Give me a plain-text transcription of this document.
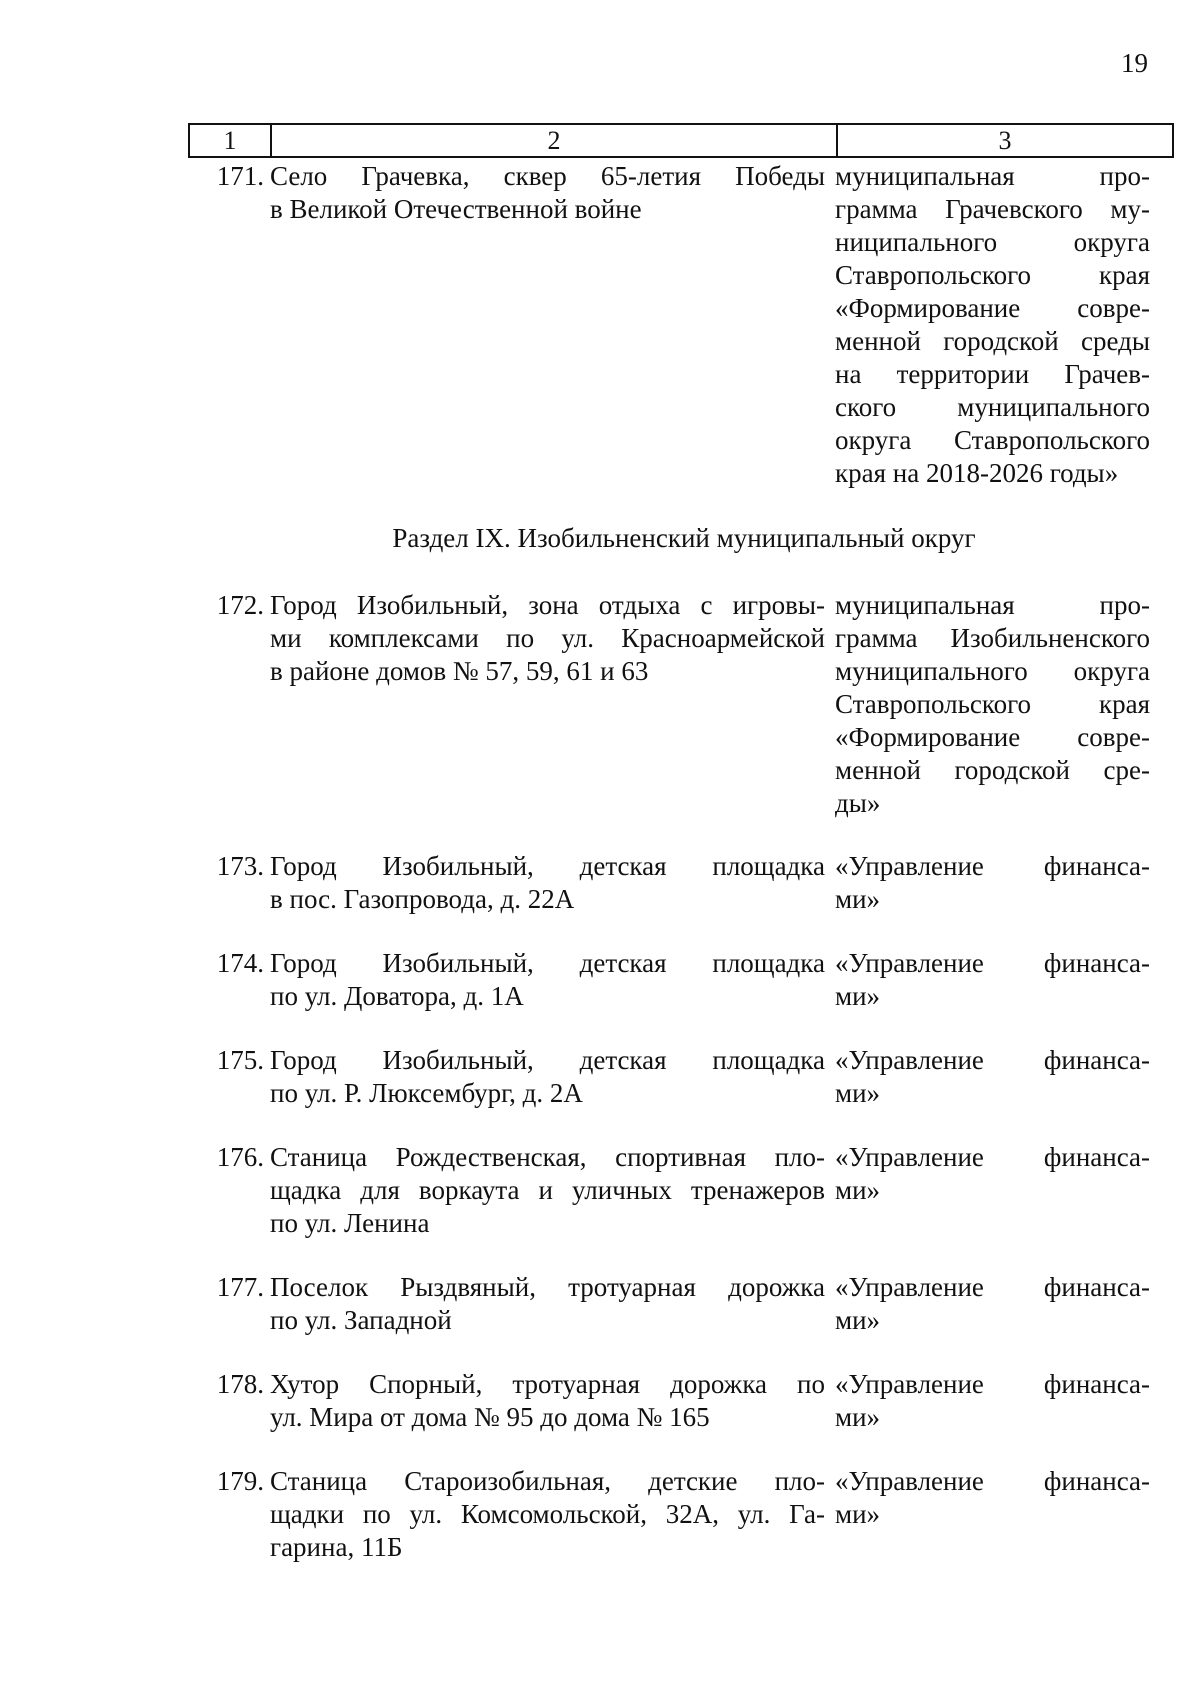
19
1	2	3
Раздел IX. Изобильненский муниципальный округ
171. Село Грачевка, сквер 65-летия Победы
в Великой Отечественной войне
муниципальная про-
грамма Грачевского му-
ниципального округа
Ставропольского края
«Формирование совре-
менной городской среды
на территории Грачев-
ского муниципального
округа Ставропольского
края на 2018-2026 годы»
172. Город Изобильный, зона отдыха с игровы-
ми комплексами по ул. Красноармейской
в районе домов № 57, 59, 61 и 63
муниципальная про-
грамма Изобильненского
муниципального округа
Ставропольского края
«Формирование совре-
менной городской сре-
ды»
173. Город Изобильный, детская площадка
в пос. Газопровода, д. 22А
«Управление финанса-
ми»
174. Город Изобильный, детская площадка
по ул. Доватора, д. 1А
«Управление финанса-
ми»
175. Город Изобильный, детская площадка
по ул. Р. Люксембург, д. 2А
«Управление финанса-
ми»
176. Станица Рождественская, спортивная пло-
щадка для воркаута и уличных тренажеров
по ул. Ленина
«Управление финанса-
ми»
177. Поселок Рыздвяный, тротуарная дорожка
по ул. Западной
«Управление финанса-
ми»
178. Хутор Спорный, тротуарная дорожка по
ул. Мира от дома № 95 до дома № 165
«Управление финанса-
ми»
179. Станица Староизобильная, детские пло-
щадки по ул. Комсомольской, 32А, ул. Га-
гарина, 11Б
«Управление финанса-
ми»
